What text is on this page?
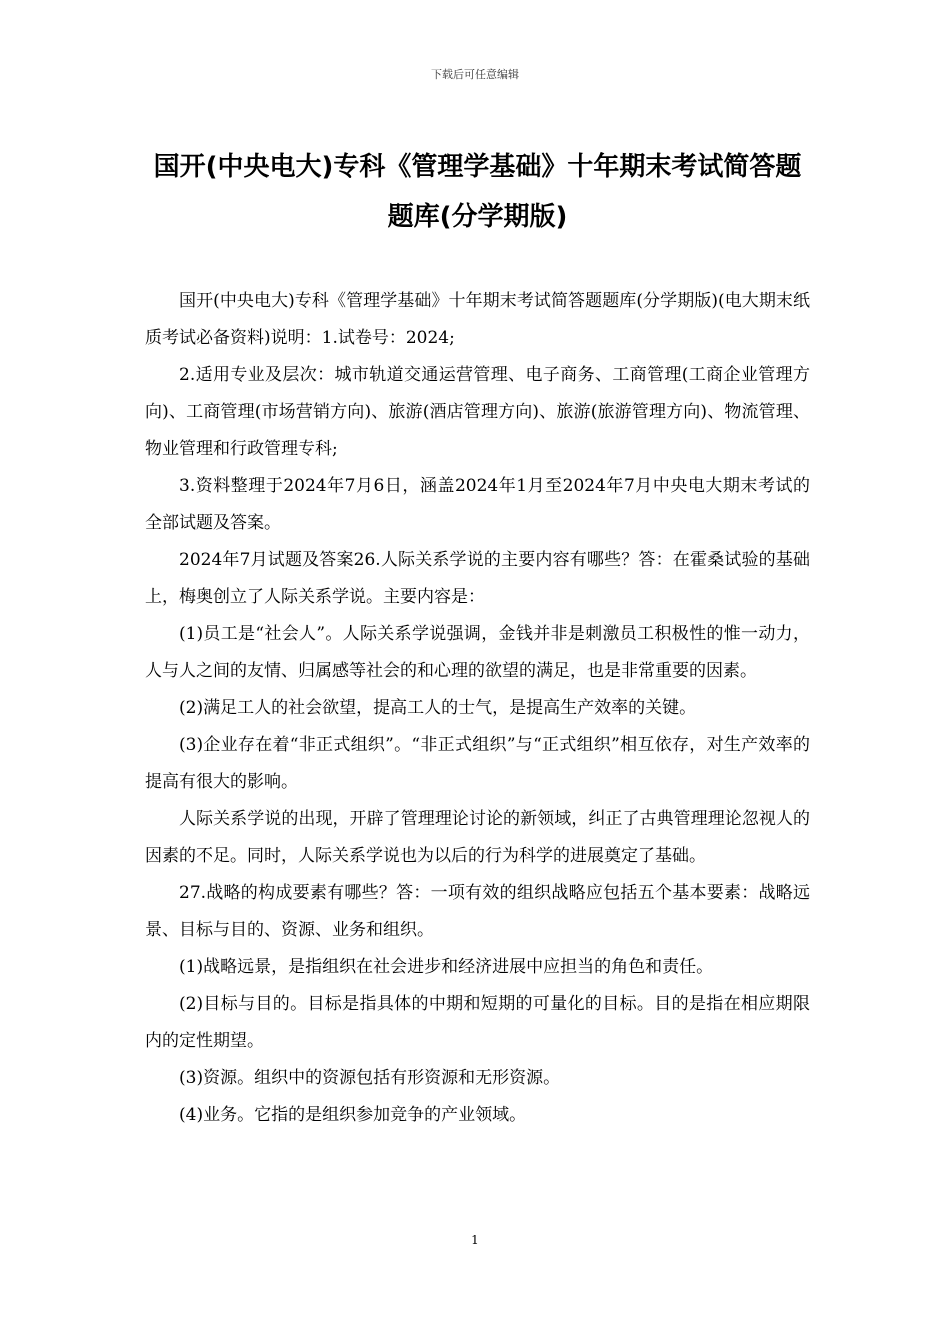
下载后可任意编辑
国开(中央电大)专科《管理学基础》十年期末考试简答题题库(分学期版)

国开(中央电大)专科《管理学基础》十年期末考试简答题题库(分学期版)(电大期末纸质考试必备资料)说明：1.试卷号：2024;

2.适用专业及层次：城市轨道交通运营管理、电子商务、工商管理(工商企业管理方向)、工商管理(市场营销方向)、旅游(酒店管理方向)、旅游(旅游管理方向)、物流管理、物业管理和行政管理专科;

3.资料整理于2024年7月6日，涵盖2024年1月至2024年7月中央电大期末考试的全部试题及答案。

2024年7月试题及答案26.人际关系学说的主要内容有哪些？答：在霍桑试验的基础上，梅奥创立了人际关系学说。主要内容是：

(1)员工是“社会人”。人际关系学说强调，金钱并非是刺激员工积极性的惟一动力，人与人之间的友情、归属感等社会的和心理的欲望的满足，也是非常重要的因素。

(2)满足工人的社会欲望，提高工人的士气，是提高生产效率的关键。

(3)企业存在着“非正式组织”。“非正式组织”与“正式组织”相互依存，对生产效率的提高有很大的影响。

人际关系学说的出现，开辟了管理理论讨论的新领域，纠正了古典管理理论忽视人的因素的不足。同时，人际关系学说也为以后的行为科学的进展奠定了基础。

27.战略的构成要素有哪些？答：一项有效的组织战略应包括五个基本要素：战略远景、目标与目的、资源、业务和组织。

(1)战略远景，是指组织在社会进步和经济进展中应担当的角色和责任。

(2)目标与目的。目标是指具体的中期和短期的可量化的目标。目的是指在相应期限内的定性期望。

(3)资源。组织中的资源包括有形资源和无形资源。

(4)业务。它指的是组织参加竞争的产业领域。

1
